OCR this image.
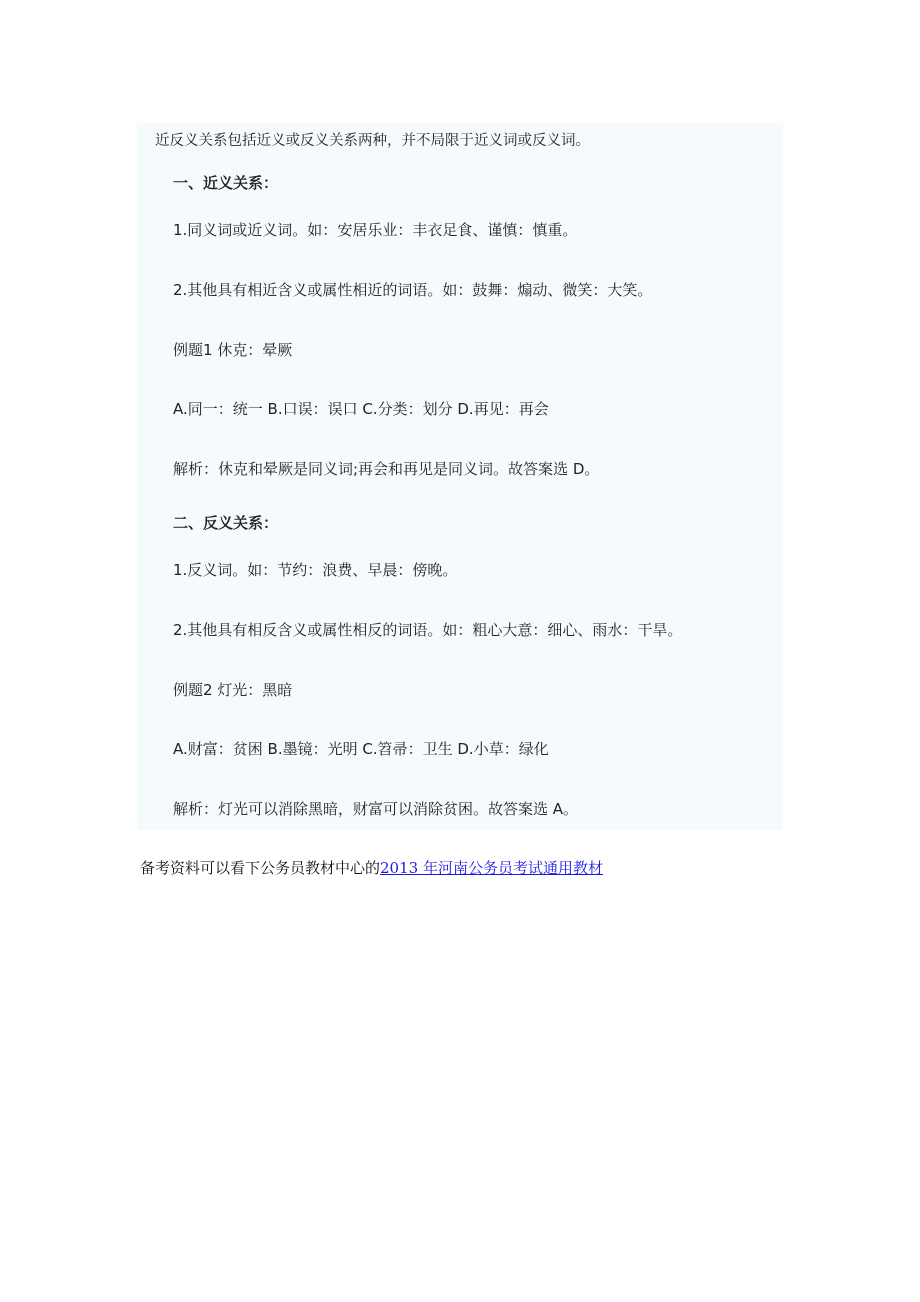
近反义关系包括近义或反义关系两种，并不局限于近义词或反义词。
一、近义关系：
1.同义词或近义词。如：安居乐业：丰衣足食、谨慎：慎重。
2.其他具有相近含义或属性相近的词语。如：鼓舞：煽动、微笑：大笑。
例题1 休克：晕厥
A.同一：统一 B.口误：误口 C.分类：划分 D.再见：再会
解析：休克和晕厥是同义词;再会和再见是同义词。故答案选 D。
二、反义关系：
1.反义词。如：节约：浪费、早晨：傍晚。
2.其他具有相反含义或属性相反的词语。如：粗心大意：细心、雨水：干旱。
例题2 灯光：黑暗
A.财富：贫困 B.墨镜：光明 C.笤帚：卫生 D.小草：绿化
解析：灯光可以消除黑暗，财富可以消除贫困。故答案选 A。
备考资料可以看下公务员教材中心的2013 年河南公务员考试通用教材
